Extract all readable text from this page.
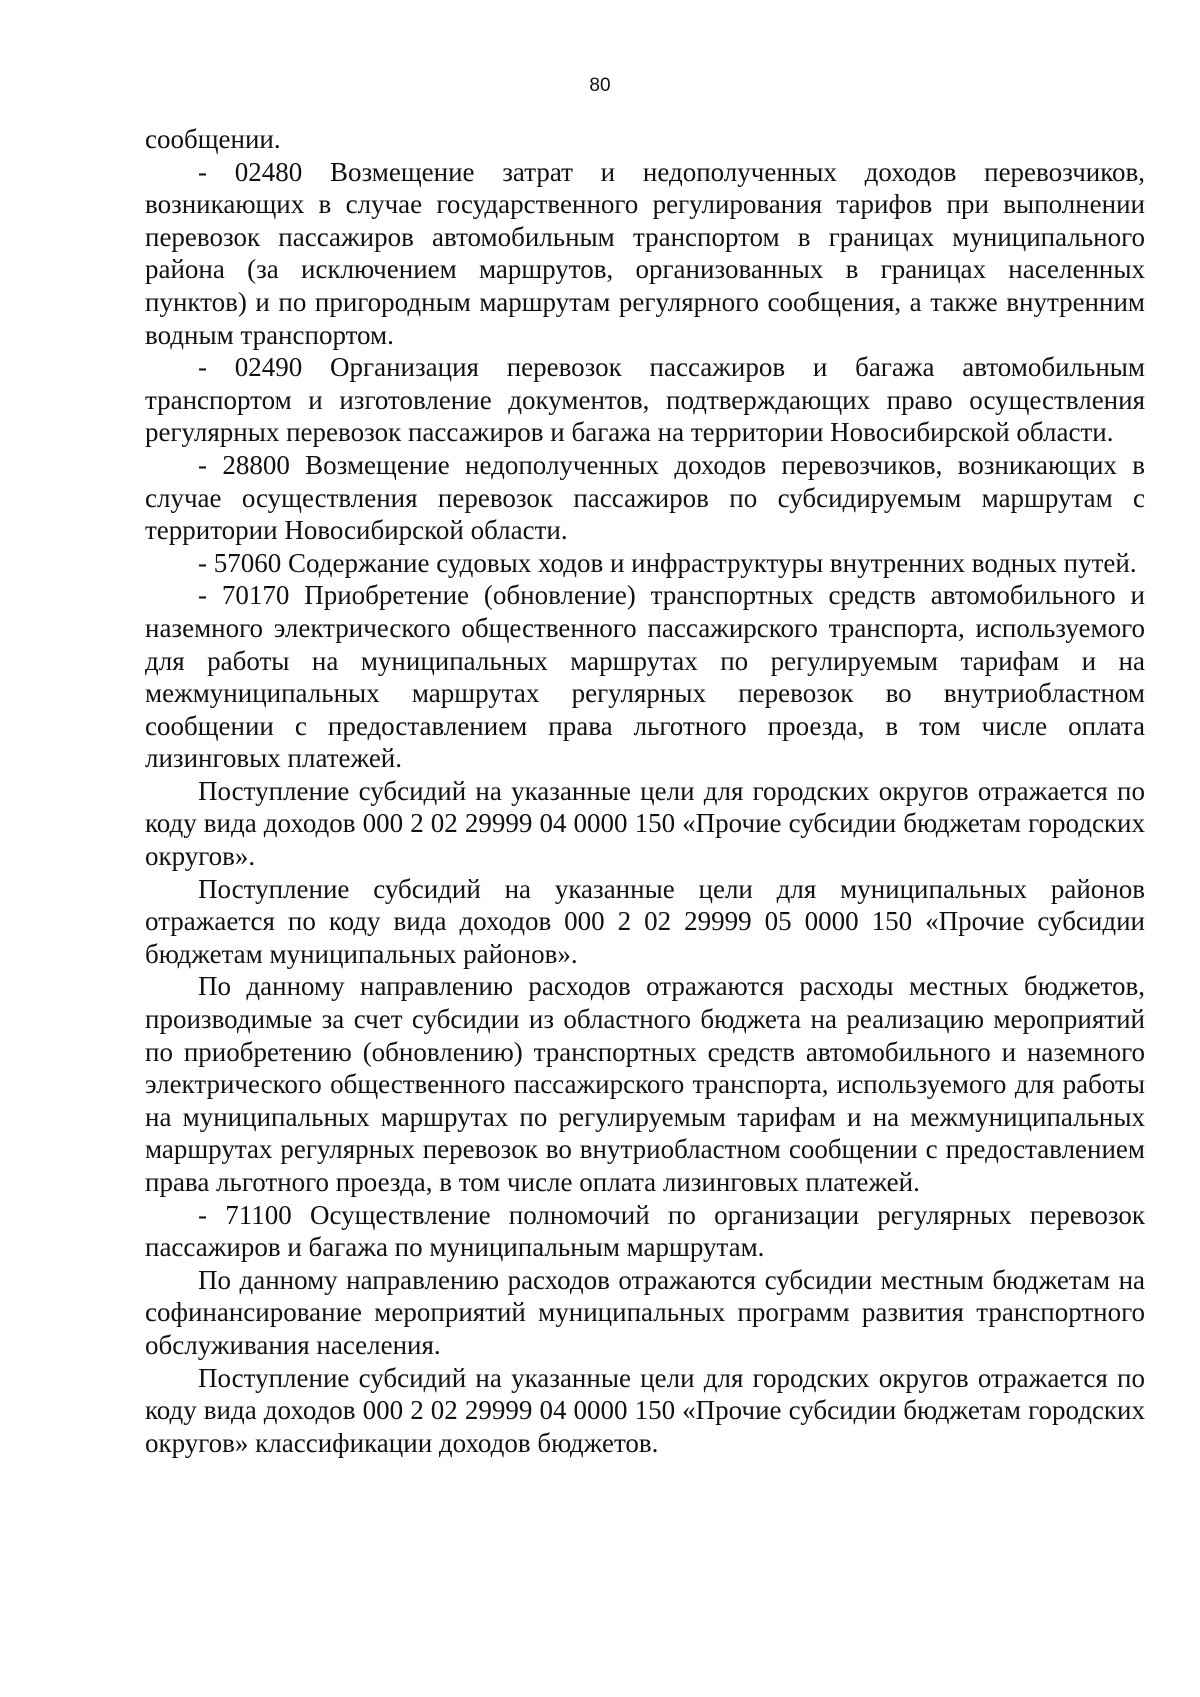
80

сообщении.

- 02480 Возмещение затрат и недополученных доходов перевозчиков, возникающих в случае государственного регулирования тарифов при выполнении перевозок пассажиров автомобильным транспортом в границах муниципального района (за исключением маршрутов, организованных в границах населенных пунктов) и по пригородным маршрутам регулярного сообщения, а также внутренним водным транспортом.

- 02490 Организация перевозок пассажиров и багажа автомобильным транспортом и изготовление документов, подтверждающих право осуществления регулярных перевозок пассажиров и багажа на территории Новосибирской области.

- 28800 Возмещение недополученных доходов перевозчиков, возникающих в случае осуществления перевозок пассажиров по субсидируемым маршрутам с территории Новосибирской области.

- 57060 Содержание судовых ходов и инфраструктуры внутренних водных путей.

- 70170 Приобретение (обновление) транспортных средств автомобильного и наземного электрического общественного пассажирского транспорта, используемого для работы на муниципальных маршрутах по регулируемым тарифам и на межмуниципальных маршрутах регулярных перевозок во внутриобластном сообщении с предоставлением права льготного проезда, в том числе оплата лизинговых платежей.

Поступление субсидий на указанные цели для городских округов отражается по коду вида доходов 000 2 02 29999 04 0000 150 «Прочие субсидии бюджетам городских округов».

Поступление субсидий на указанные цели для муниципальных районов отражается по коду вида доходов 000 2 02 29999 05 0000 150 «Прочие субсидии бюджетам муниципальных районов».

По данному направлению расходов отражаются расходы местных бюджетов, производимые за счет субсидии из областного бюджета на реализацию мероприятий по приобретению (обновлению) транспортных средств автомобильного и наземного электрического общественного пассажирского транспорта, используемого для работы на муниципальных маршрутах по регулируемым тарифам и на межмуниципальных маршрутах регулярных перевозок во внутриобластном сообщении с предоставлением права льготного проезда, в том числе оплата лизинговых платежей.

- 71100 Осуществление полномочий по организации регулярных перевозок пассажиров и багажа по муниципальным маршрутам.

По данному направлению расходов отражаются субсидии местным бюджетам на софинансирование мероприятий муниципальных программ развития транспортного обслуживания населения.

Поступление субсидий на указанные цели для городских округов отражается по коду вида доходов 000 2 02 29999 04 0000 150 «Прочие субсидии бюджетам городских округов» классификации доходов бюджетов.
